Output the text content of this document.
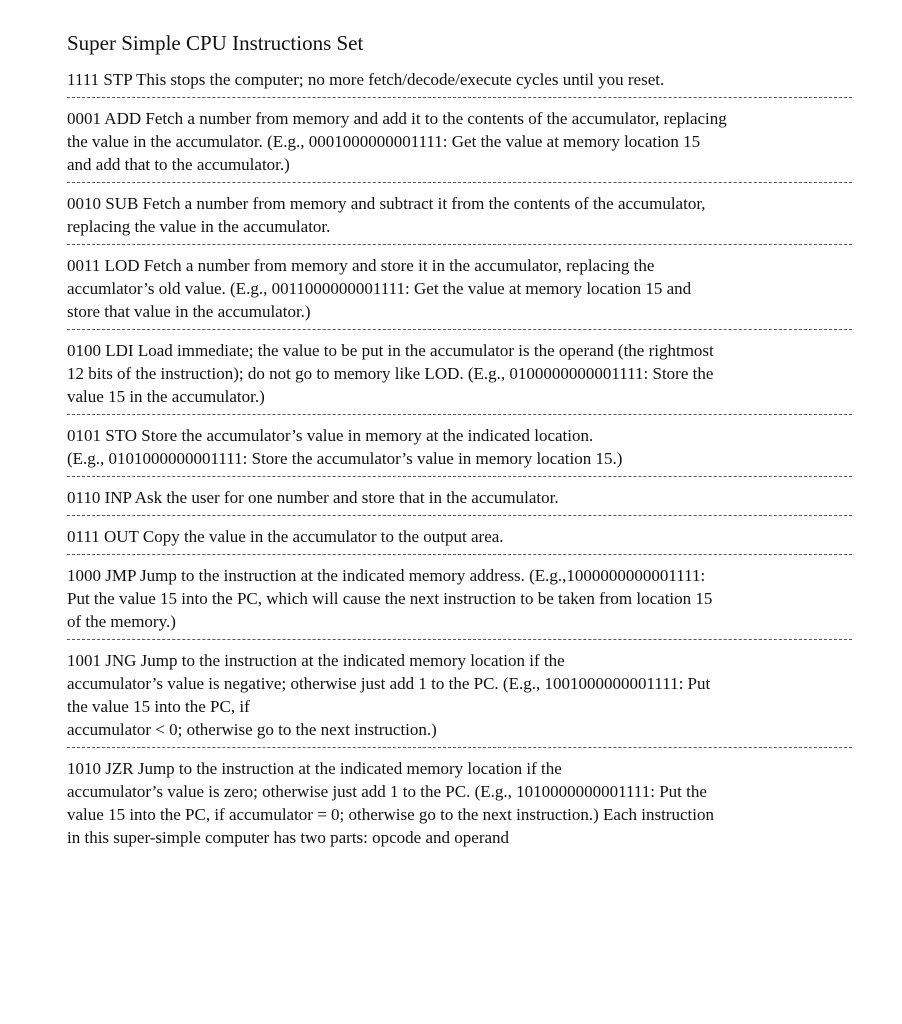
Super Simple CPU Instructions Set

1111 STP This stops the computer; no more fetch/decode/execute cycles until you reset.

0001 ADD Fetch a number from memory and add it to the contents of the accumulator, replacing
the value in the accumulator. (E.g., 0001000000001111: Get the value at memory location 15
and add that to the accumulator.)

0010 SUB Fetch a number from memory and subtract it from the contents of the accumulator,
replacing the value in the accumulator.

0011 LOD Fetch a number from memory and store it in the accumulator, replacing the
accumlator’s old value. (E.g., 0011000000001111: Get the value at memory location 15 and
store that value in the accumulator.)

0100 LDI Load immediate; the value to be put in the accumulator is the operand (the rightmost
12 bits of the instruction); do not go to memory like LOD. (E.g., 0100000000001111: Store the
value 15 in the accumulator.)

0101 STO Store the accumulator’s value in memory at the indicated location.
(E.g., 0101000000001111: Store the accumulator’s value in memory location 15.)

0110 INP Ask the user for one number and store that in the accumulator.

0111 OUT Copy the value in the accumulator to the output area.

1000 JMP Jump to the instruction at the indicated memory address. (E.g.,1000000000001111:
Put the value 15 into the PC, which will cause the next instruction to be taken from location 15
of the memory.)

1001 JNG Jump to the instruction at the indicated memory location if the
accumulator’s value is negative; otherwise just add 1 to the PC. (E.g., 1001000000001111: Put
the value 15 into the PC, if
accumulator < 0; otherwise go to the next instruction.)

1010 JZR Jump to the instruction at the indicated memory location if the
accumulator’s value is zero; otherwise just add 1 to the PC. (E.g., 1010000000001111: Put the
value 15 into the PC, if accumulator = 0; otherwise go to the next instruction.) Each instruction
in this super-simple computer has two parts: opcode and operand
